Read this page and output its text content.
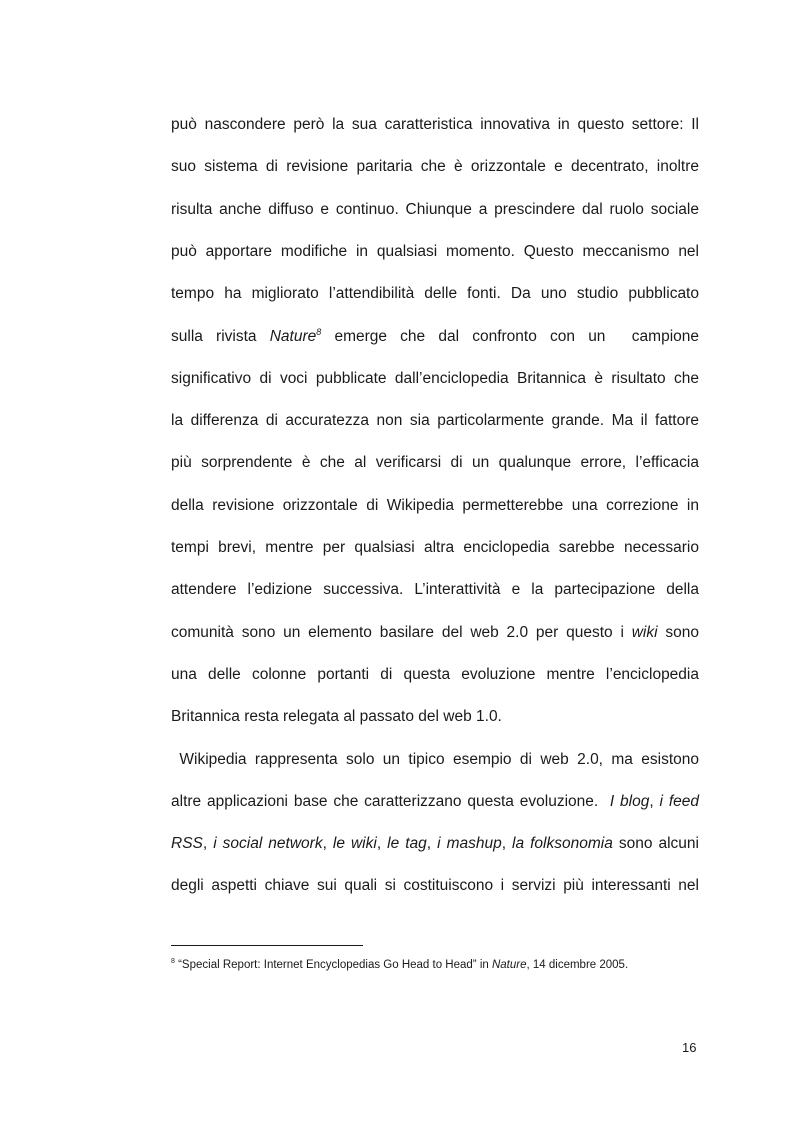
può nascondere però la sua caratteristica innovativa in questo settore: Il
suo sistema di revisione paritaria che è orizzontale e decentrato, inoltre
risulta anche diffuso e continuo. Chiunque a prescindere dal ruolo sociale
può apportare modifiche in qualsiasi momento. Questo meccanismo nel
tempo ha migliorato l’attendibilità delle fonti. Da uno studio pubblicato
sulla rivista Nature$^8$ emerge che dal confronto con un  campione
significativo di voci pubblicate dall’enciclopedia Britannica è risultato che
la differenza di accuratezza non sia particolarmente grande. Ma il fattore
più sorprendente è che al verificarsi di un qualunque errore, l’efficacia
della revisione orizzontale di Wikipedia permetterebbe una correzione in
tempi brevi, mentre per qualsiasi altra enciclopedia sarebbe necessario
attendere l’edizione successiva. L’interattività e la partecipazione della
comunità sono un elemento basilare del web 2.0 per questo i wiki sono
una delle colonne portanti di questa evoluzione mentre l’enciclopedia
Britannica resta relegata al passato del web 1.0.
Wikipedia rappresenta solo un tipico esempio di web 2.0, ma esistono
altre applicazioni base che caratterizzano questa evoluzione.  I blog, i feed
RSS, i social network, le wiki, le tag, i mashup, la folksonomia sono alcuni
degli aspetti chiave sui quali si costituiscono i servizi più interessanti nel
$^8$ “Special Report: Internet Encyclopedias Go Head to Head” in Nature, 14 dicembre 2005.
16
